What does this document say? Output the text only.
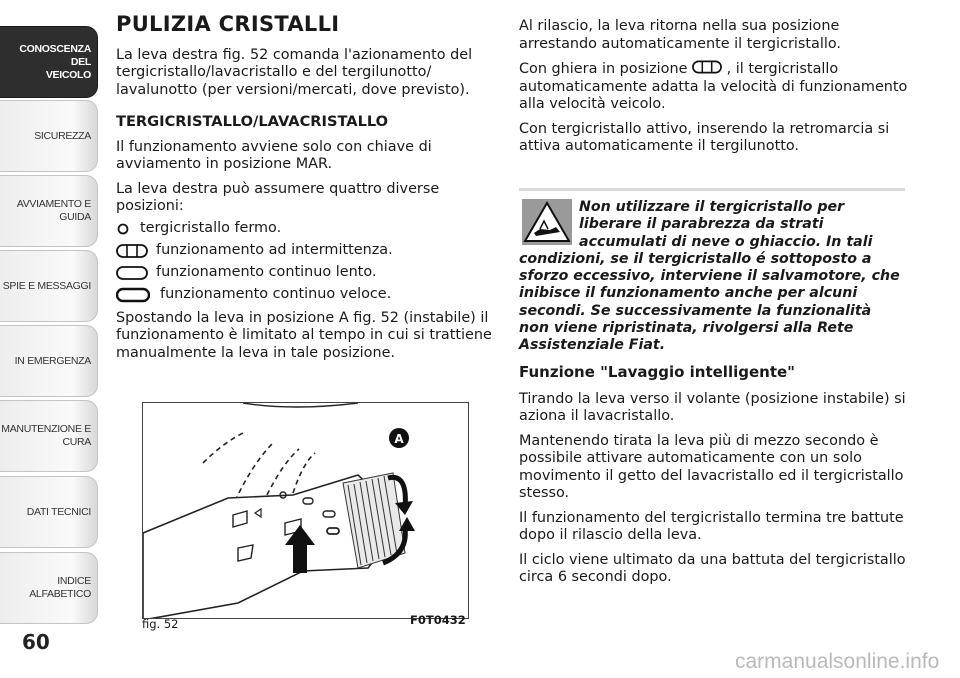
CONOSCENZA DEL
VEICOLO
SICUREZZA
AVVIAMENTO E
GUIDA
SPIE E MESSAGGI
IN EMERGENZA
MANUTENZIONE E
CURA
DATI TECNICI
INDICE ALFABETICO
60
PULIZIA CRISTALLI

La leva destra fig. 52 comanda l'azionamento del tergicristallo/lavacristallo e del tergilunotto/ lavalunotto (per versioni/mercati, dove previsto).

TERGICRISTALLO/LAVACRISTALLO

Il funzionamento avviene solo con chiave di avviamento in posizione MAR.

La leva destra può assumere quattro diverse posizioni:

tergicristallo fermo.
funzionamento ad intermittenza.
funzionamento continuo lento.
funzionamento continuo veloce.

Spostando la leva in posizione A fig. 52 (instabile) il funzionamento è limitato al tempo in cui si trattiene manualmente la leva in tale posizione.

A
fig. 52	F0T0432

Al rilascio, la leva ritorna nella sua posizione arrestando automaticamente il tergicristallo.

Con ghiera in posizione	, il tergicristallo automaticamente adatta la velocità di funzionamento alla velocità veicolo.

Con tergicristallo attivo, inserendo la retromarcia si attiva automaticamente il tergilunotto.

Non utilizzare il tergicristallo per liberare il parabrezza da strati accumulati di neve o ghiaccio. In tali condizioni, se il tergicristallo é sottoposto a sforzo eccessivo, interviene il salvamotore, che inibisce il funzionamento anche per alcuni secondi. Se successivamente la funzionalità non viene ripristinata, rivolgersi alla Rete Assistenziale Fiat.

Funzione "Lavaggio intelligente"

Tirando la leva verso il volante (posizione instabile) si aziona il lavacristallo.

Mantenendo tirata la leva più di mezzo secondo è possibile attivare automaticamente con un solo movimento il getto del lavacristallo ed il tergicristallo stesso.

Il funzionamento del tergicristallo termina tre battute dopo il rilascio della leva.

Il ciclo viene ultimato da una battuta del tergicristallo circa 6 secondi dopo.

carmanualsonline.info
